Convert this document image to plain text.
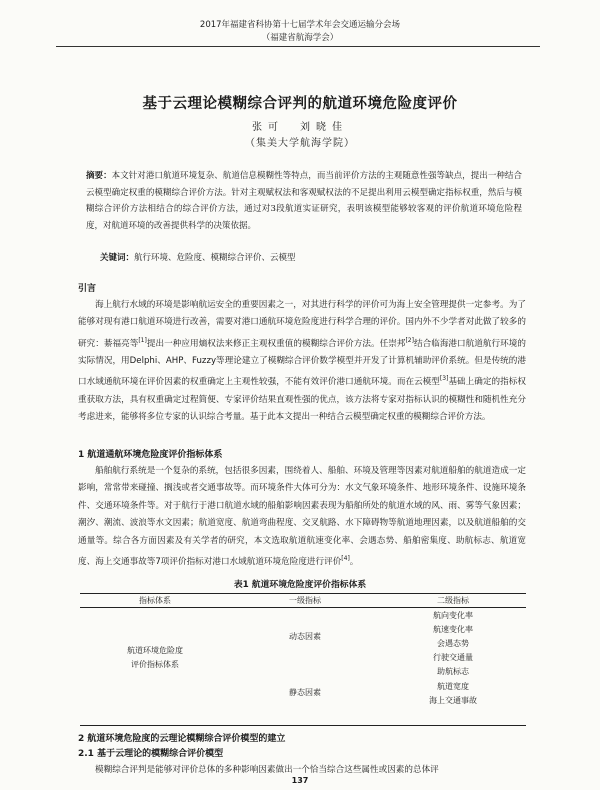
2017年福建省科协第十七届学术年会交通运输分会场
（福建省航海学会）
基于云理论模糊综合评判的航道环境危险度评价
张可　刘晓佳
（集美大学航海学院）
摘要：本文针对港口航道环境复杂、航道信息模糊性等特点，而当前评价方法的主观随意性强等缺点，提出一种结合云模型确定权重的模糊综合评价方法。针对主观赋权法和客观赋权法的不足提出利用云模型确定指标权重，然后与模糊综合评价方法相结合的综合评价方法，通过对3段航道实证研究，表明该模型能够较客观的评价航道环境危险程度，对航道环境的改善提供科学的决策依据。
关键词：航行环境、危险度、模糊综合评价、云模型
引言
海上航行水域的环境是影响航运安全的重要因素之一，对其进行科学的评价可为海上安全管理提供一定参考。为了能够对现有港口航道环境进行改善，需要对港口通航环境危险度进行科学合理的评价。国内外不少学者对此做了较多的研究：綦福亮等[1]提出一种应用熵权法来修正主观权重值的模糊综合评价方法。任崇邦[2]结合临海港口航道航行环境的实际情况，用Delphi、AHP、Fuzzy等理论建立了模糊综合评价数学模型并开发了计算机辅助评价系统。但是传统的港口水域通航环境在评价因素的权重确定上主观性较强，不能有效评价港口通航环境。而在云模型[3]基础上确定的指标权重获取方法，具有权重确定过程简便、专家评价结果直观性强的优点，该方法将专家对指标认识的模糊性和随机性充分考虑进来，能够将多位专家的认识综合考量。基于此本文提出一种结合云模型确定权重的模糊综合评价方法。
1 航道通航环境危险度评价指标体系
船舶航行系统是一个复杂的系统，包括很多因素，围绕着人、船舶、环境及管理等因素对航道船舶的航道造成一定影响，常常带来碰撞、搁浅或者交通事故等。而环境条件大体可分为：水文气象环境条件、地形环境条件、设施环境条件、交通环境条件等。对于航行于港口航道水域的船舶影响因素表现为船舶所处的航道水域的风、雨、雾等气象因素；潮汐、潮流、波浪等水文因素；航道宽度、航道弯曲程度、交叉航路、水下障碍物等航道地理因素，以及航道船舶的交通量等。综合各方面因素及有关学者的研究，本文选取航道航速变化率、会遇态势、船舶密集度、助航标志、航道宽度、海上交通事故等7项评价指标对港口水域航道环境危险度进行评价[4]。
表1 航道环境危险度评价指标体系
指标体系	一级指标	二级指标
航道环境危险度
评价指标体系
动态因素
静态因素
航向变化率
航速变化率
会遇态势
行驶交通量
助航标志
航道宽度
海上交通事故
2 航道环境危险度的云理论模糊综合评价模型的建立
2.1 基于云理论的模糊综合评价模型
模糊综合评判是能够对评价总体的多种影响因素做出一个恰当综合这些属性或因素的总体评
137
